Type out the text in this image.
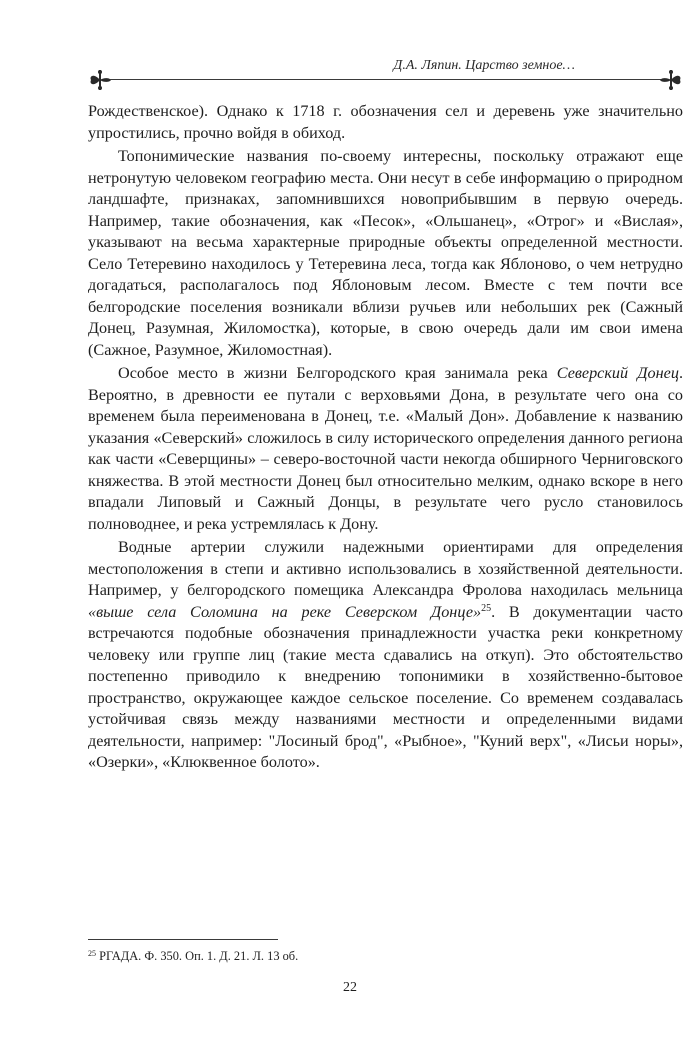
Д.А. Ляпин. Царство земное…

Рождественское). Однако к 1718 г. обозначения сел и деревень уже значительно упростились, прочно войдя в обиход.

Топонимические названия по-своему интересны, поскольку отражают еще нетронутую человеком географию места. Они несут в себе информацию о природном ландшафте, признаках, запомнившихся новоприбывшим в первую очередь. Например, такие обозначения, как «Песок», «Ольшанец», «Отрог» и «Вислая», указывают на весьма характерные природные объекты определенной местности. Село Тетеревино находилось у Тетеревина леса, тогда как Яблоново, о чем нетрудно догадаться, располагалось под Яблоновым лесом. Вместе с тем почти все белгородские поселения возникали вблизи ручьев или небольших рек (Сажный Донец, Разумная, Жиломостка), которые, в свою очередь дали им свои имена (Сажное, Разумное, Жиломостная).

Особое место в жизни Белгородского края занимала река Северский Донец. Вероятно, в древности ее путали с верховьями Дона, в результате чего она со временем была переименована в Донец, т.е. «Малый Дон». Добавление к названию указания «Северский» сложилось в силу исторического определения данного региона как части «Северщины» – северо-восточной части некогда обширного Черниговского княжества. В этой местности Донец был относительно мелким, однако вскоре в него впадали Липовый и Сажный Донцы, в результате чего русло становилось полноводнее, и река устремлялась к Дону.

Водные артерии служили надежными ориентирами для определения местоположения в степи и активно использовались в хозяйственной деятельности. Например, у белгородского помещика Александра Фролова находилась мельница «выше села Соломина на реке Северском Донце»$^{25}$. В документации часто встречаются подобные обозначения принадлежности участка реки конкретному человеку или группе лиц (такие места сдавались на откуп). Это обстоятельство постепенно приводило к внедрению топонимики в хозяйственно-бытовое пространство, окружающее каждое сельское поселение. Со временем создавалась устойчивая связь между названиями местности и определенными видами деятельности, например: "Лосиный брод", «Рыбное», "Куний верх", «Лисьи норы», «Озерки», «Клюквенное болото».

$^{25}$ РГАДА. Ф. 350. Оп. 1. Д. 21. Л. 13 об.
22
